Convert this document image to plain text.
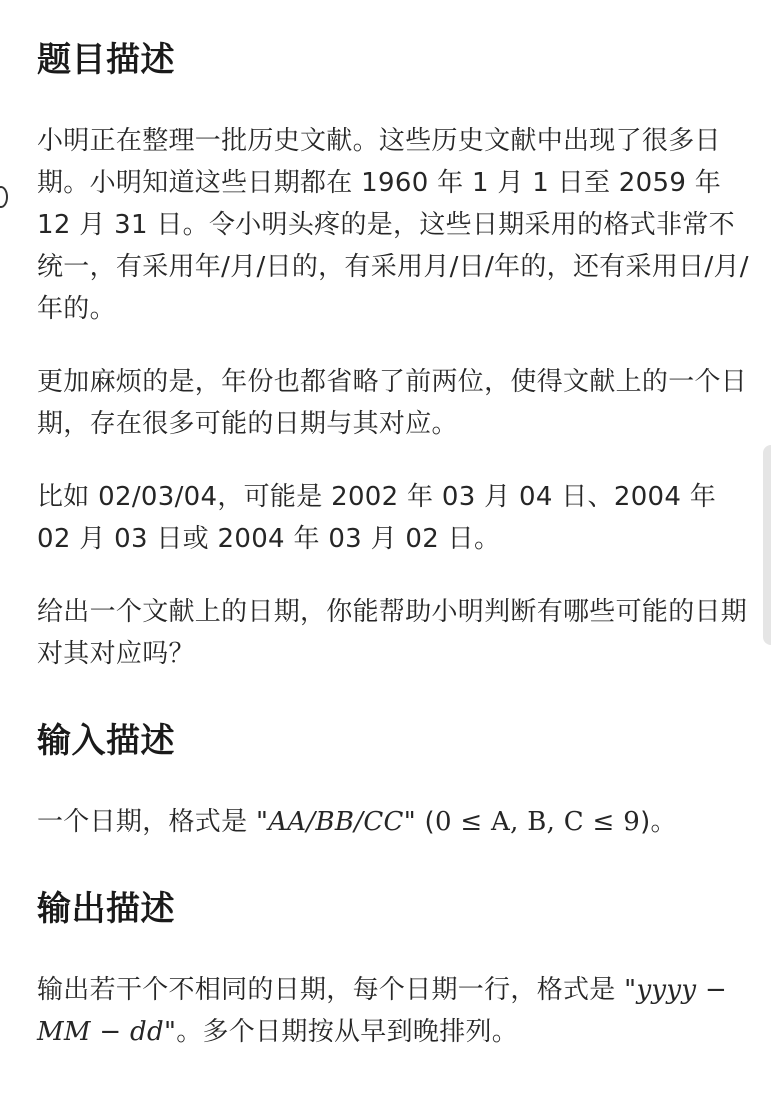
题目描述

小明正在整理一批历史文献。这些历史文献中出现了很多日期。小明知道这些日期都在 1960 年 1 月 1 日至 2059 年 12 月 31 日。令小明头疼的是，这些日期采用的格式非常不统一，有采用年/月/日的，有采用月/日/年的，还有采用日/月/年的。

更加麻烦的是，年份也都省略了前两位，使得文献上的一个日期，存在很多可能的日期与其对应。

比如 02/03/04，可能是 2002 年 03 月 04 日、2004 年 02 月 03 日或 2004 年 03 月 02 日。

给出一个文献上的日期，你能帮助小明判断有哪些可能的日期对其对应吗？

输入描述

一个日期，格式是 "AA/BB/CC" (0 ≤ A, B, C ≤ 9)。

输出描述

输出若干个不相同的日期，每个日期一行，格式是 "yyyy − MM − dd"。多个日期按从早到晚排列。
